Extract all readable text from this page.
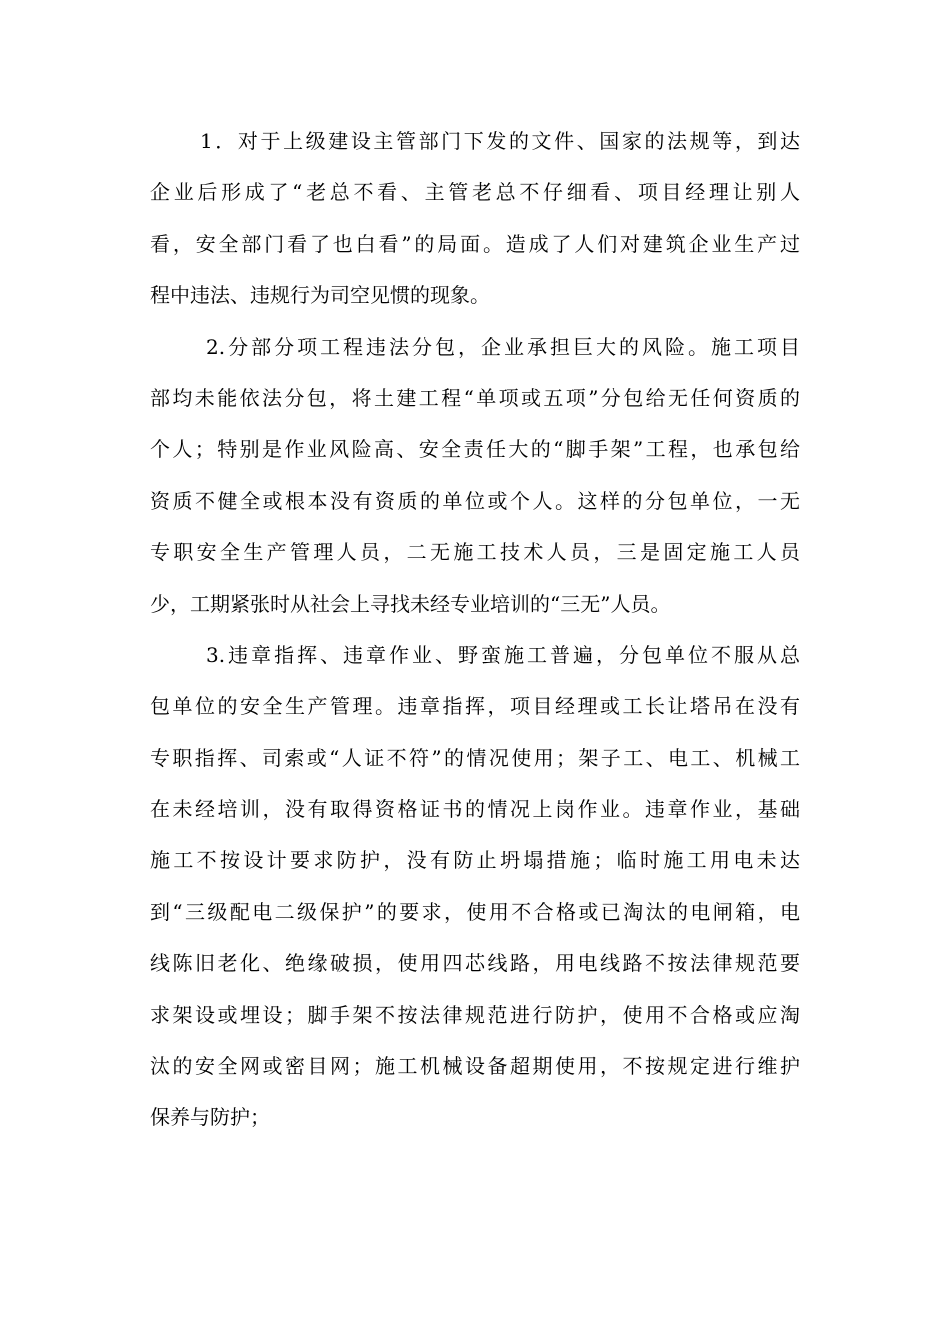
1．对于上级建设主管部门下发的文件、国家的法规等，到达
企业后形成了“老总不看、主管老总不仔细看、项目经理让别人
看，安全部门看了也白看”的局面。造成了人们对建筑企业生产过
程中违法、违规行为司空见惯的现象。
2.分部分项工程违法分包，企业承担巨大的风险。施工项目
部均未能依法分包，将土建工程“单项或五项”分包给无任何资质的
个人；特别是作业风险高、安全责任大的“脚手架”工程，也承包给
资质不健全或根本没有资质的单位或个人。这样的分包单位，一无
专职安全生产管理人员，二无施工技术人员，三是固定施工人员
少，工期紧张时从社会上寻找未经专业培训的“三无”人员。
3.违章指挥、违章作业、野蛮施工普遍，分包单位不服从总
包单位的安全生产管理。违章指挥，项目经理或工长让塔吊在没有
专职指挥、司索或“人证不符”的情况使用；架子工、电工、机械工
在未经培训，没有取得资格证书的情况上岗作业。违章作业，基础
施工不按设计要求防护，没有防止坍塌措施；临时施工用电未达
到“三级配电二级保护”的要求，使用不合格或已淘汰的电闸箱，电
线陈旧老化、绝缘破损，使用四芯线路，用电线路不按法律规范要
求架设或埋设；脚手架不按法律规范进行防护，使用不合格或应淘
汰的安全网或密目网；施工机械设备超期使用，不按规定进行维护
保养与防护；
